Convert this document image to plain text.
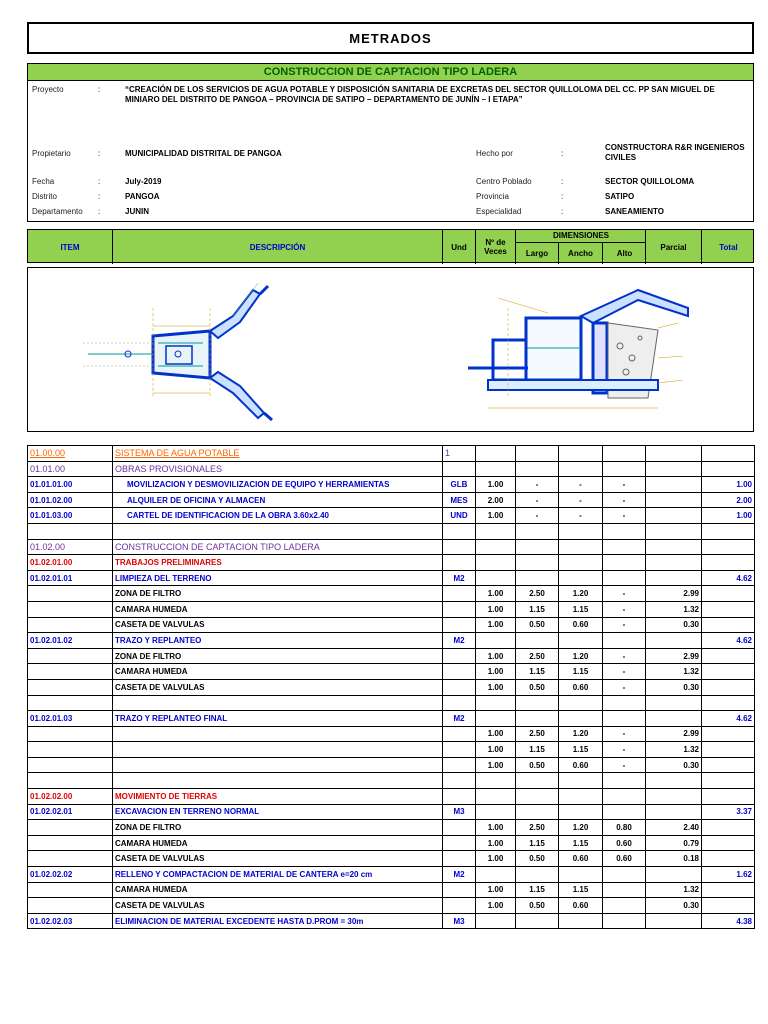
METRADOS
CONSTRUCCION DE CAPTACION TIPO LADERA
Proyecto	:	“CREACIÓN DE LOS SERVICIOS DE AGUA POTABLE Y DISPOSICIÓN SANITARIA DE EXCRETAS DEL SECTOR QUILLOLOMA DEL CC. PP SAN MIGUEL DE MINIARO DEL DISTRITO DE PANGOA – PROVINCIA DE SATIPO – DEPARTAMENTO DE JUNÍN – I ETAPA”
Propietario	:	MUNICIPALIDAD DISTRITAL DE PANGOA	Hecho por	:
CONSTRUCTORA R&R INGENIEROS CIVILES
Fecha	:	July-2019	Centro Poblado	:	SECTOR QUILLOLOMA
Distrito	:	PANGOA	Provincia	:	SATIPO
Departamento :	JUNIN	Especialidad	:	SANEAMIENTO
ITEM	DESCRIPCIÓN	Und	Nº de Veces
DIMENSIONES
Largo	Ancho	Alto
Parcial	Total
01.00.00	SISTEMA DE AGUA POTABLE	1						
01.01.00	OBRAS PROVISIONALES							
01.01.01.00	MOVILIZACION Y DESMOVILIZACION DE EQUIPO Y HERRAMIENTAS	GLB	1.00	-	-	-		1.00
01.01.02.00	ALQUILER DE OFICINA Y ALMACEN	MES	2.00	-	-	-		2.00
01.01.03.00	CARTEL DE IDENTIFICACION DE LA OBRA 3.60x2.40	UND	1.00	-	-	-		1.00

01.02.00	CONSTRUCCION DE CAPTACION TIPO LADERA							
01.02.01.00	TRABAJOS PRELIMINARES							
01.02.01.01	LIMPIEZA DEL TERRENO	M2						4.62
	ZONA DE FILTRO		1.00	2.50	1.20	-	2.99	
	CAMARA HUMEDA		1.00	1.15	1.15	-	1.32	
	CASETA DE VALVULAS		1.00	0.50	0.60	-	0.30	
01.02.01.02	TRAZO Y REPLANTEO	M2						4.62
	ZONA DE FILTRO		1.00	2.50	1.20	-	2.99	
	CAMARA HUMEDA		1.00	1.15	1.15	-	1.32	
	CASETA DE VALVULAS		1.00	0.50	0.60	-	0.30	

01.02.01.03	TRAZO Y REPLANTEO FINAL	M2						4.62
			1.00	2.50	1.20	-	2.99	
			1.00	1.15	1.15	-	1.32	
			1.00	0.50	0.60	-	0.30	

01.02.02.00	MOVIMIENTO DE TIERRAS							
01.02.02.01	EXCAVACION EN TERRENO NORMAL	M3						3.37
	ZONA DE FILTRO		1.00	2.50	1.20	0.80	2.40	
	CAMARA HUMEDA		1.00	1.15	1.15	0.60	0.79	
	CASETA DE VALVULAS		1.00	0.50	0.60	0.60	0.18	
01.02.02.02	RELLENO Y COMPACTACION DE MATERIAL DE CANTERA e=20 cm	M2						1.62
	CAMARA HUMEDA		1.00	1.15	1.15		1.32	
	CASETA DE VALVULAS		1.00	0.50	0.60		0.30	
01.02.02.03	ELIMINACION DE MATERIAL EXCEDENTE HASTA D.PROM = 30m	M3						4.38
